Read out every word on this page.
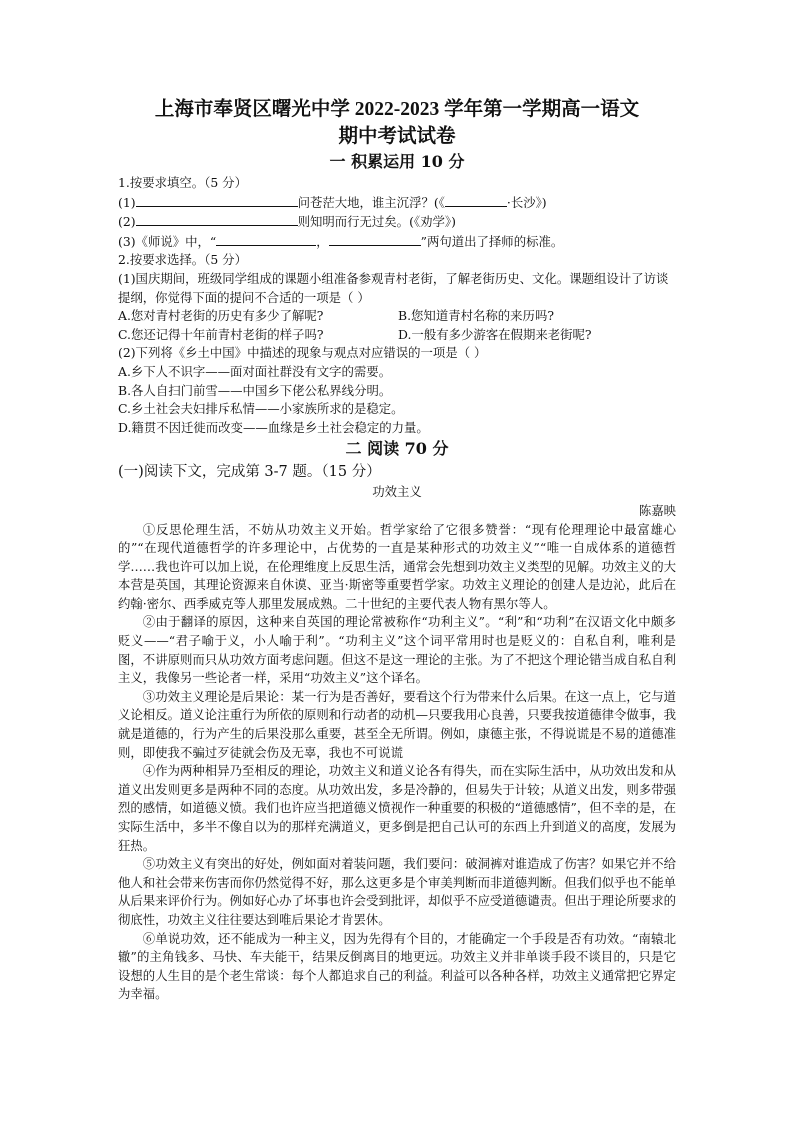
上海市奉贤区曙光中学 2022-2023 学年第一学期高一语文
期中考试试卷
一 积累运用 10 分
1.按要求填空。（5 分）
(1)	问苍茫大地，谁主沉浮？(《	·长沙》)
(2)	则知明而行无过矣。(《劝学》)
(3)《师说》中，“	，	”两句道出了择师的标准。
2.按要求选择。（5 分）
(1)国庆期间，班级同学组成的课题小组准备参观青村老街，了解老街历史、文化。课题组设计了访谈提纲，你觉得下面的提问不合适的一项是（ ）
A.您对青村老街的历史有多少了解呢?	B.您知道青村名称的来历吗?
C.您还记得十年前青村老街的样子吗?	D.一般有多少游客在假期来老街呢?
(2)下列将《乡土中国》中描述的现象与观点对应错误的一项是（ ）
A.乡下人不识字——面对面社群没有文字的需要。
B.各人自扫门前雪——中国乡下佬公私界线分明。
C.乡土社会夫妇排斥私情——小家族所求的是稳定。
D.籍贯不因迁徙而改变——血缘是乡土社会稳定的力量。
二 阅读 70 分
(一)阅读下文，完成第 3-7 题。（15 分）
功效主义
陈嘉映
①反思伦理生活，不妨从功效主义开始。哲学家给了它很多赞誉：“现有伦理理论中最富雄心的”“在现代道德哲学的许多理论中，占优势的一直是某种形式的功效主义”“唯一自成体系的道德哲学……我也许可以加上说，在伦理维度上反思生活，通常会先想到功效主义类型的见解。功效主义的大本营是英国，其理论资源来自休谟、亚当·斯密等重要哲学家。功效主义理论的创建人是边沁，此后在约翰·密尔、西季威克等人那里发展成熟。二十世纪的主要代表人物有黑尔等人。
②由于翻译的原因，这种来自英国的理论常被称作“功利主义”。“利”和“功利”在汉语文化中颇多贬义——“君子喻于义，小人喻于利”。“功利主义”这个词平常用时也是贬义的：自私自利，唯利是图，不讲原则而只从功效方面考虑问题。但这不是这一理论的主张。为了不把这个理论错当成自私自利主义，我像另一些论者一样，采用“功效主义”这个译名。
③功效主义理论是后果论：某一行为是否善好，要看这个行为带来什么后果。在这一点上，它与道义论相反。道义论注重行为所依的原则和行动者的动机—只要我用心良善，只要我按道德律令做事，我就是道德的，行为产生的后果没那么重要，甚至全无所谓。例如，康德主张，不得说谎是不易的道德准则，即使我不骗过歹徒就会伤及无辜，我也不可说谎
④作为两种相异乃至相反的理论，功效主义和道义论各有得失，而在实际生活中，从功效出发和从道义出发则更多是两种不同的态度。从功效出发，多是冷静的，但易失于计较；从道义出发，则多带强烈的感情，如道德义愤。我们也许应当把道德义愤视作一种重要的积极的“道德感情”，但不幸的是，在实际生活中，多半不像自以为的那样充满道义，更多倒是把自己认可的东西上升到道义的高度，发展为狂热。
⑤功效主义有突出的好处，例如面对着装问题，我们要问：破洞裤对谁造成了伤害？如果它并不给他人和社会带来伤害而你仍然觉得不好，那么这更多是个审美判断而非道德判断。但我们似乎也不能单从后果来评价行为。例如好心办了坏事也许会受到批评，却似乎不应受道德谴责。但出于理论所要求的彻底性，功效主义往往要达到唯后果论才肯罢休。
⑥单说功效，还不能成为一种主义，因为先得有个目的，才能确定一个手段是否有功效。“南辕北辙”的主角钱多、马快、车夫能干，结果反倒离目的地更远。功效主义并非单谈手段不谈目的，只是它设想的人生目的是个老生常谈：每个人都追求自己的利益。利益可以各种各样，功效主义通常把它界定为幸福。
